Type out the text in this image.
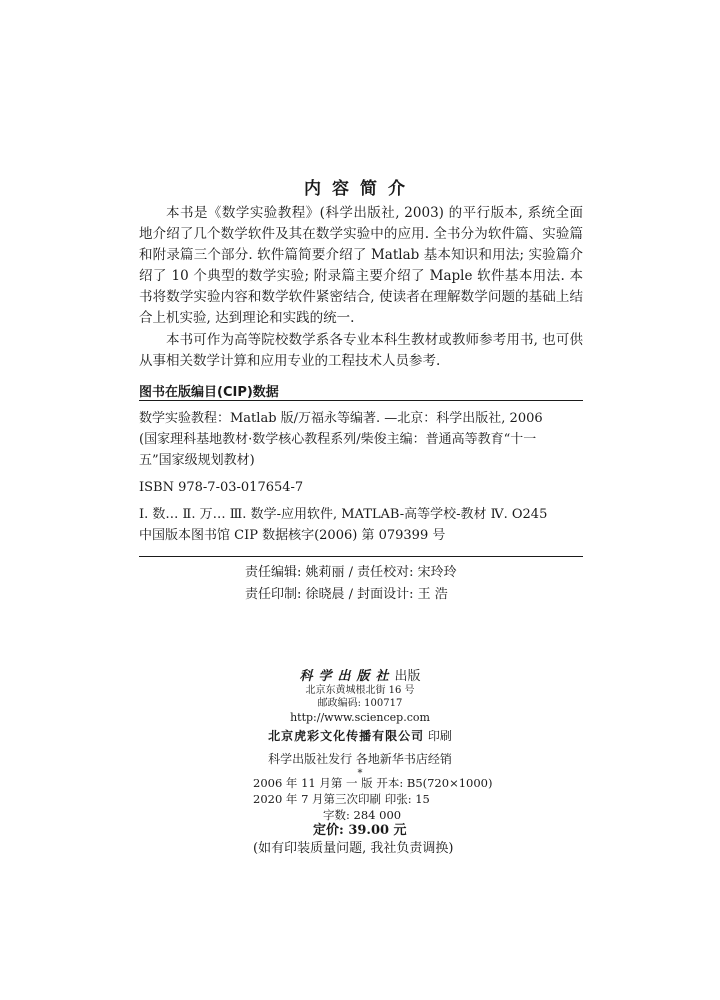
内容简介

本书是《数学实验教程》(科学出版社, 2003) 的平行版本, 系统全面地介绍了几个数学软件及其在数学实验中的应用. 全书分为软件篇、实验篇和附录篇三个部分. 软件篇简要介绍了 Matlab 基本知识和用法; 实验篇介绍了 10 个典型的数学实验; 附录篇主要介绍了 Maple 软件基本用法. 本书将数学实验内容和数学软件紧密结合, 使读者在理解数学问题的基础上结合上机实验, 达到理论和实践的统一.

本书可作为高等院校数学系各专业本科生教材或教师参考用书, 也可供从事相关数学计算和应用专业的工程技术人员参考.

图书在版编目(CIP)数据
数学实验教程：Matlab 版/万福永等编著. —北京：科学出版社, 2006
(国家理科基地教材·数学核心教程系列/柴俊主编：普通高等教育“十一
五”国家级规划教材)
ISBN 978-7-03-017654-7
Ⅰ. 数… Ⅱ. 万… Ⅲ. 数学-应用软件, MATLAB-高等学校-教材 Ⅳ. O245
中国版本图书馆 CIP 数据核字(2006) 第 079399 号
责任编辑: 姚莉丽 / 责任校对: 宋玲玲
责任印制: 徐晓晨 / 封面设计: 王 浩
科学出版社出版
北京东黄城根北街 16 号
邮政编码: 100717
http://www.sciencep.com
北京虎彩文化传播有限公司 印刷
科学出版社发行 各地新华书店经销
*
2006 年 11 月第 一 版 开本: B5(720×1000)
2020 年 7 月第三次印刷 印张: 15
字数: 284 000
定价: 39.00 元
(如有印装质量问题, 我社负责调换)
